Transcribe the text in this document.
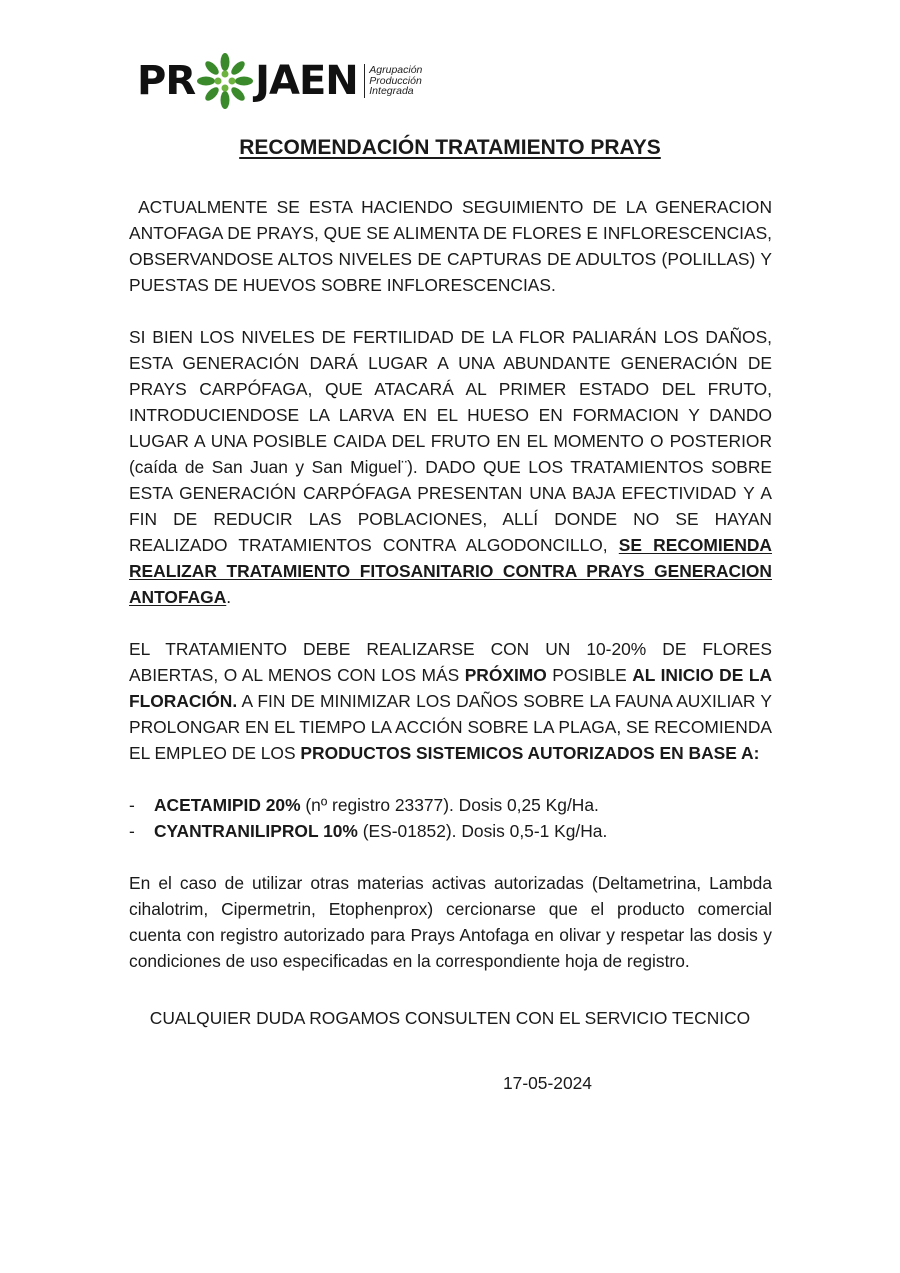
PR JAEN Agrupación
Producción
Integrada
RECOMENDACIÓN TRATAMIENTO PRAYS

ACTUALMENTE SE ESTA HACIENDO SEGUIMIENTO DE LA GENERACION ANTOFAGA DE PRAYS, QUE SE ALIMENTA DE FLORES E INFLORESCENCIAS, OBSERVANDOSE ALTOS NIVELES DE CAPTURAS DE ADULTOS (POLILLAS) Y PUESTAS DE HUEVOS SOBRE INFLORESCENCIAS.

SI BIEN LOS NIVELES DE FERTILIDAD DE LA FLOR PALIARÁN LOS DAÑOS, ESTA GENERACIÓN DARÁ LUGAR A UNA ABUNDANTE GENERACIÓN DE PRAYS CARPÓFAGA, QUE ATACARÁ AL PRIMER ESTADO DEL FRUTO, INTRODUCIENDOSE LA LARVA EN EL HUESO EN FORMACION Y DANDO LUGAR A UNA POSIBLE CAIDA DEL FRUTO EN EL MOMENTO O POSTERIOR (caída de San Juan y San Miguel¨). DADO QUE LOS TRATAMIENTOS SOBRE ESTA GENERACIÓN CARPÓFAGA PRESENTAN UNA BAJA EFECTIVIDAD Y A FIN DE REDUCIR LAS POBLACIONES, ALLÍ DONDE NO SE HAYAN REALIZADO TRATAMIENTOS CONTRA ALGODONCILLO, SE RECOMIENDA REALIZAR TRATAMIENTO FITOSANITARIO CONTRA PRAYS GENERACION ANTOFAGA.

EL TRATAMIENTO DEBE REALIZARSE CON UN 10-20% DE FLORES ABIERTAS, O AL MENOS CON LOS MÁS PRÓXIMO POSIBLE AL INICIO DE LA FLORACIÓN. A FIN DE MINIMIZAR LOS DAÑOS SOBRE LA FAUNA AUXILIAR Y PROLONGAR EN EL TIEMPO LA ACCIÓN SOBRE LA PLAGA, SE RECOMIENDA EL EMPLEO DE LOS PRODUCTOS SISTEMICOS AUTORIZADOS EN BASE A:

- ACETAMIPID 20% (nº registro 23377). Dosis 0,25 Kg/Ha.
- CYANTRANILIPROL 10% (ES-01852). Dosis 0,5-1 Kg/Ha.

En el caso de utilizar otras materias activas autorizadas (Deltametrina, Lambda cihalotrim, Cipermetrin, Etophenprox) cercionarse que el producto comercial cuenta con registro autorizado para Prays Antofaga en olivar y respetar las dosis y condiciones de uso especificadas en la correspondiente hoja de registro.

CUALQUIER DUDA ROGAMOS CONSULTEN CON EL SERVICIO TECNICO
17-05-2024
